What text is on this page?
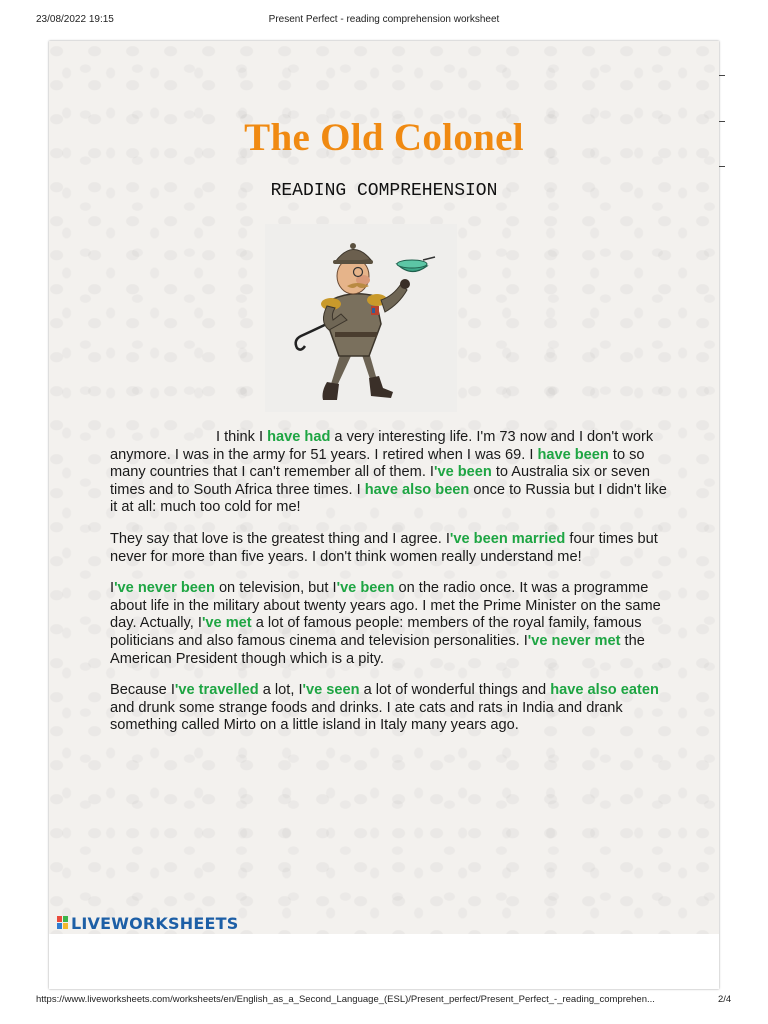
23/08/2022 19:15	Present Perfect - reading comprehension worksheet
The Old Colonel
READING COMPREHENSION

I think I have had a very interesting life. I'm 73 now and I don't work anymore. I was in the army for 51 years. I retired when I was 69. I have been to so many countries that I can't remember all of them. I've been to Australia six or seven times and to South Africa three times. I have also been once to Russia but I didn't like it at all: much too cold for me!

They say that love is the greatest thing and I agree. I've been married four times but never for more than five years. I don't think women really understand me!

I've never been on television, but I've been on the radio once. It was a programme about life in the military about twenty years ago. I met the Prime Minister on the same day. Actually, I've met a lot of famous people: members of the royal family, famous politicians and also famous cinema and television personalities. I've never met the American President though which is a pity.

Because I've travelled a lot, I've seen a lot of wonderful things and have also eaten and drunk some strange foods and drinks. I ate cats and rats in India and drank something called Mirto on a little island in Italy many years ago.

LIVEWORKSHEETS
https://www.liveworksheets.com/worksheets/en/English_as_a_Second_Language_(ESL)/Present_perfect/Present_Perfect_-_reading_comprehen...	2/4
